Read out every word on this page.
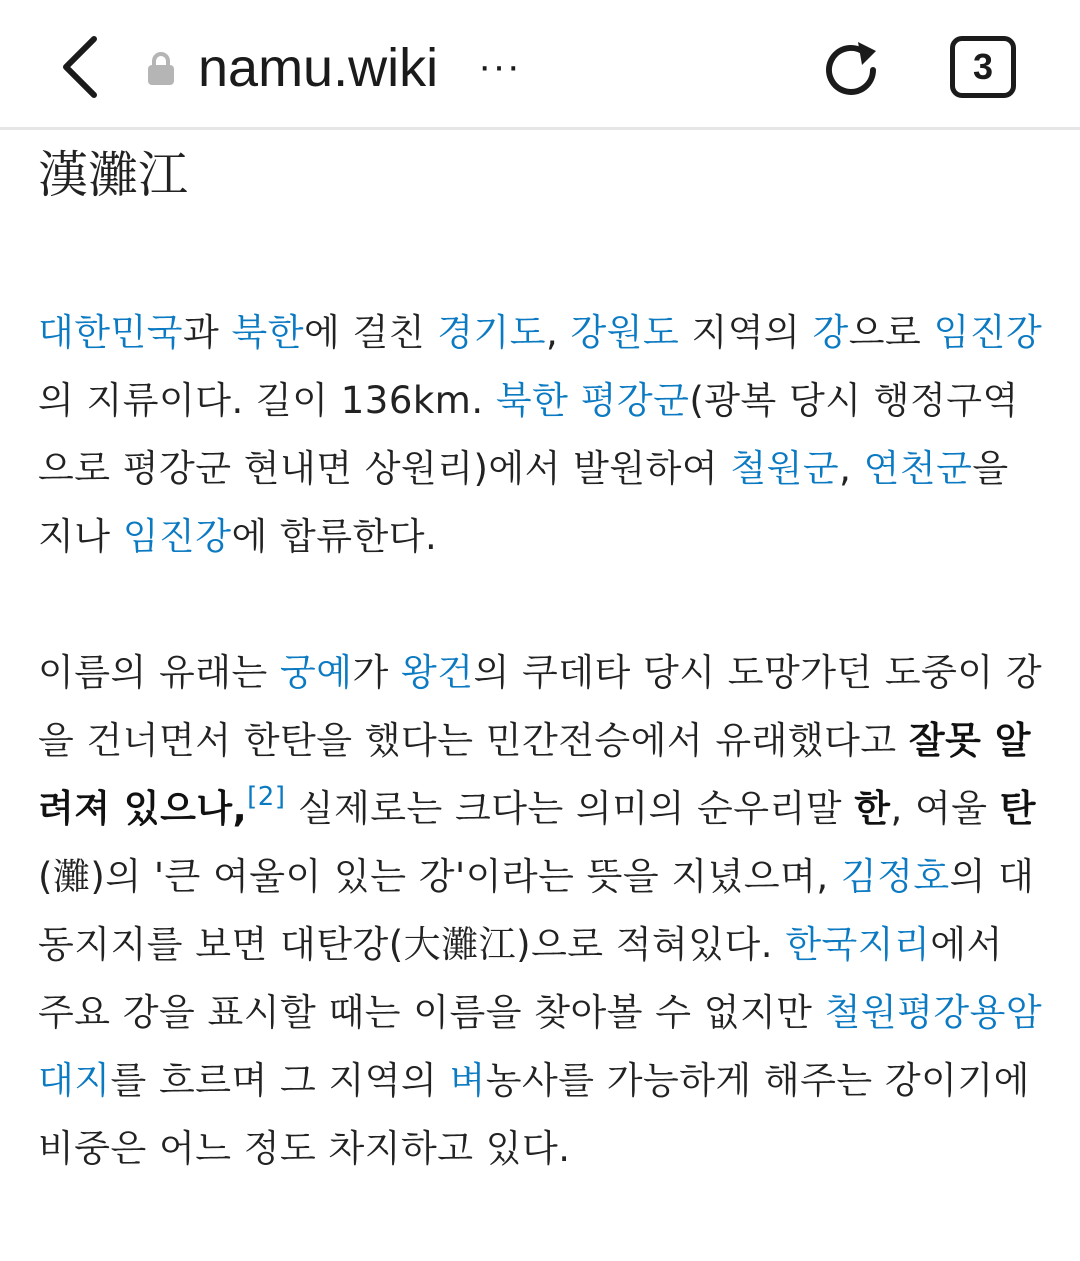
namu.wiki ···	3
漢灘江

대한민국과 북한에 걸친 경기도, 강원도 지역의 강으로 임진강의 지류이다. 길이 136km. 북한 평강군(광복 당시 행정구역으로 평강군 현내면 상원리)에서 발원하여 철원군, 연천군을 지나 임진강에 합류한다.

이름의 유래는 궁예가 왕건의 쿠데타 당시 도망가던 도중이 강을 건너면서 한탄을 했다는 민간전승에서 유래했다고 잘못 알려져 있으나,[2] 실제로는 크다는 의미의 순우리말 한, 여울 탄(灘)의 '큰 여울이 있는 강'이라는 뜻을 지녔으며, 김정호의 대동지지를 보면 대탄강(大灘江)으로 적혀있다. 한국지리에서 주요 강을 표시할 때는 이름을 찾아볼 수 없지만 철원평강용암대지를 흐르며 그 지역의 벼농사를 가능하게 해주는 강이기에 비중은 어느 정도 차지하고 있다.
